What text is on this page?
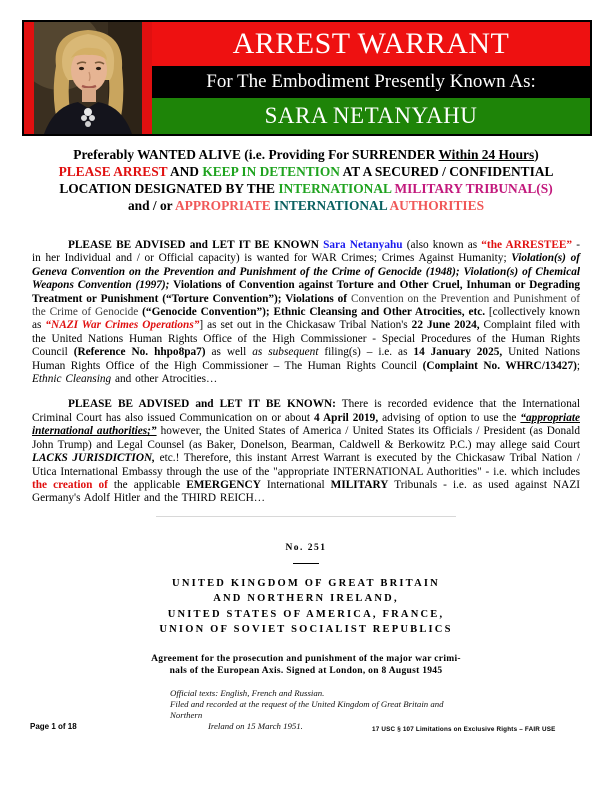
ARREST WARRANT
For The Embodiment Presently Known As:
SARA NETANYAHU
Preferably WANTED ALIVE (i.e. Providing For SURRENDER Within 24 Hours)
PLEASE ARREST AND KEEP IN DETENTION AT A SECURED / CONFIDENTIAL
LOCATION DESIGNATED BY THE INTERNATIONAL MILITARY TRIBUNAL(S)
and / or APPROPRIATE INTERNATIONAL AUTHORITIES

PLEASE BE ADVISED and LET IT BE KNOWN Sara Netanyahu (also known as “the ARRESTEE” - in her Individual and / or Official capacity) is wanted for WAR Crimes; Crimes Against Humanity; Violation(s) of Geneva Convention on the Prevention and Punishment of the Crime of Genocide (1948); Violation(s) of Chemical Weapons Convention (1997); Violations of Convention against Torture and Other Cruel, Inhuman or Degrading Treatment or Punishment (“Torture Convention”); Violations of Convention on the Prevention and Punishment of the Crime of Genocide (“Genocide Convention”); Ethnic Cleansing and Other Atrocities, etc. [collectively known as “NAZI War Crimes Operations”] as set out in the Chickasaw Tribal Nation's 22 June 2024, Complaint filed with the United Nations Human Rights Office of the High Commissioner - Special Procedures of the Human Rights Council (Reference No. hhpo8pa7) as well as subsequent filing(s) – i.e. as 14 January 2025, United Nations Human Rights Office of the High Commissioner – The Human Rights Council (Complaint No. WHRC/13427); Ethnic Cleansing and other Atrocities…

PLEASE BE ADVISED and LET IT BE KNOWN: There is recorded evidence that the International Criminal Court has also issued Communication on or about 4 April 2019, advising of option to use the “appropriate international authorities;” however, the United States of America / United States its Officials / President (as Donald John Trump) and Legal Counsel (as Baker, Donelson, Bearman, Caldwell & Berkowitz P.C.) may allege said Court LACKS JURISDICTION, etc.! Therefore, this instant Arrest Warrant is executed by the Chickasaw Tribal Nation / Utica International Embassy through the use of the "appropriate INTERNATIONAL Authorities" - i.e. which includes the creation of the applicable EMERGENCY International MILITARY Tribunals - i.e. as used against NAZI Germany's Adolf Hitler and the THIRD REICH…

No. 251
UNITED KINGDOM OF GREAT BRITAIN
AND NORTHERN IRELAND,
UNITED STATES OF AMERICA, FRANCE,
UNION OF SOVIET SOCIALIST REPUBLICS
Agreement for the prosecution and punishment of the major war crimi-
nals of the European Axis. Signed at London, on 8 August 1945
Official texts: English, French and Russian.
Filed and recorded at the request of the United Kingdom of Great Britain and Northern
Ireland on 15 March 1951.
Page 1 of 18	17 USC § 107 Limitations on Exclusive Rights – FAIR USE
